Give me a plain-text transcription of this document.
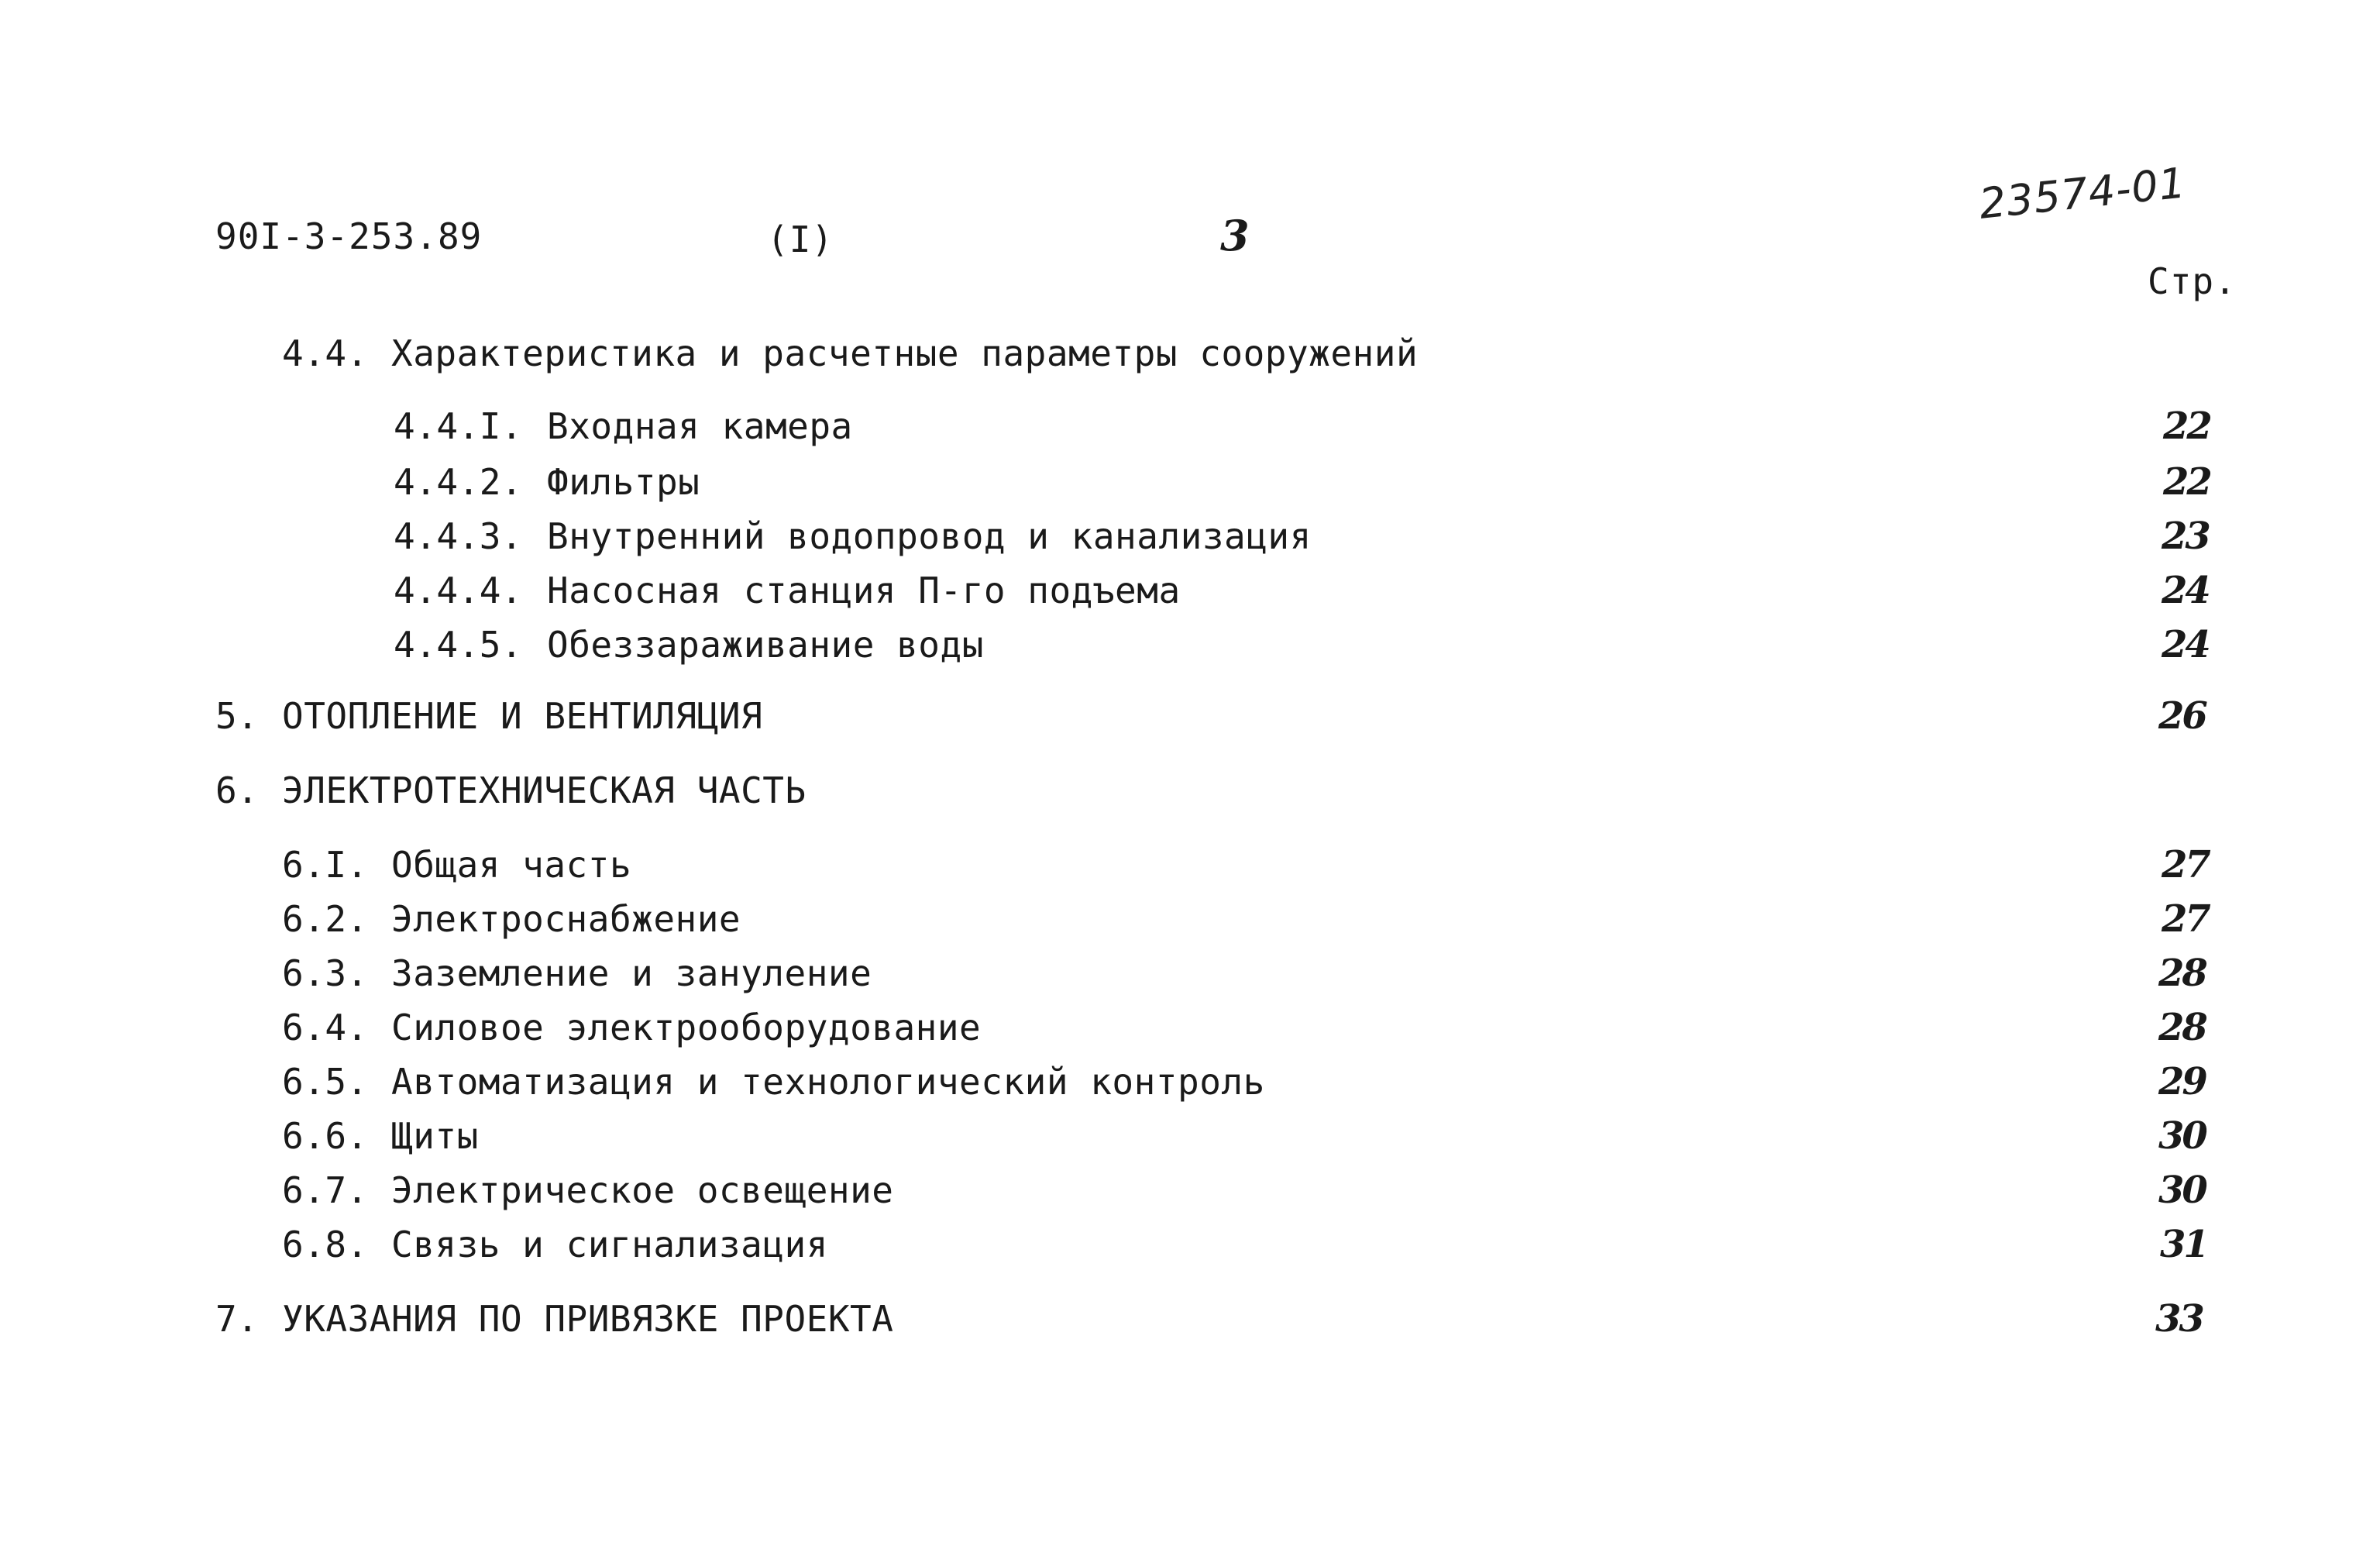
90I-3-253.89	(I)	3
23574-01
Стр.
4.4. Характеристика и расчетные параметры сооружений
4.4.I. Входная камера	22
4.4.2. Фильтры	22
4.4.3. Внутренний водопровод и канализация	23
4.4.4. Насосная станция П-го подъема	24
4.4.5. Обеззараживание воды	24
5. ОТОПЛЕНИЕ И ВЕНТИЛЯЦИЯ	26
6. ЭЛЕКТРОТЕХНИЧЕСКАЯ ЧАСТЬ
6.I. Общая часть	27
6.2. Электроснабжение	27
6.3. Заземление и зануление	28
6.4. Силовое электрооборудование	28
6.5. Автоматизация и технологический контроль	29
6.6. Щиты	30
6.7. Электрическое освещение	30
6.8. Связь и сигнализация	31
7. УКАЗАНИЯ ПО ПРИВЯЗКЕ ПРОЕКТА	33
